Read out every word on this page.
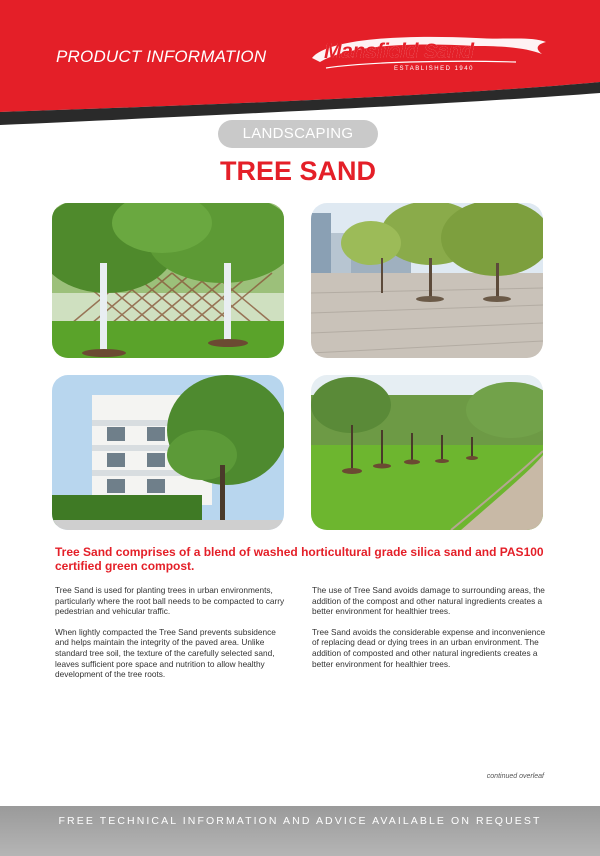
PRODUCT INFORMATION	Mansfield Sand
ESTABLISHED 1940
LANDSCAPING
TREE SAND
Tree Sand comprises of a blend of washed horticultural grade silica sand and PAS100 certified green compost.

Tree Sand is used for planting trees in urban environments, particularly where the root ball needs to be compacted to carry pedestrian and vehicular traffic.

When lightly compacted the Tree Sand prevents subsidence and helps maintain the integrity of the paved area. Unlike standard tree soil, the texture of the carefully selected sand, leaves sufficient pore space and nutrition to allow healthy development of the tree roots.

The use of Tree Sand avoids damage to surrounding areas, the addition of the compost and other natural ingredients creates a better environment for healthier trees.

Tree Sand avoids the considerable expense and inconvenience of replacing dead or dying trees in an urban environment. The addition of composted and other natural ingredients creates a better environment for healthier trees.

continued overleaf
FREE TECHNICAL INFORMATION AND ADVICE AVAILABLE ON REQUEST
